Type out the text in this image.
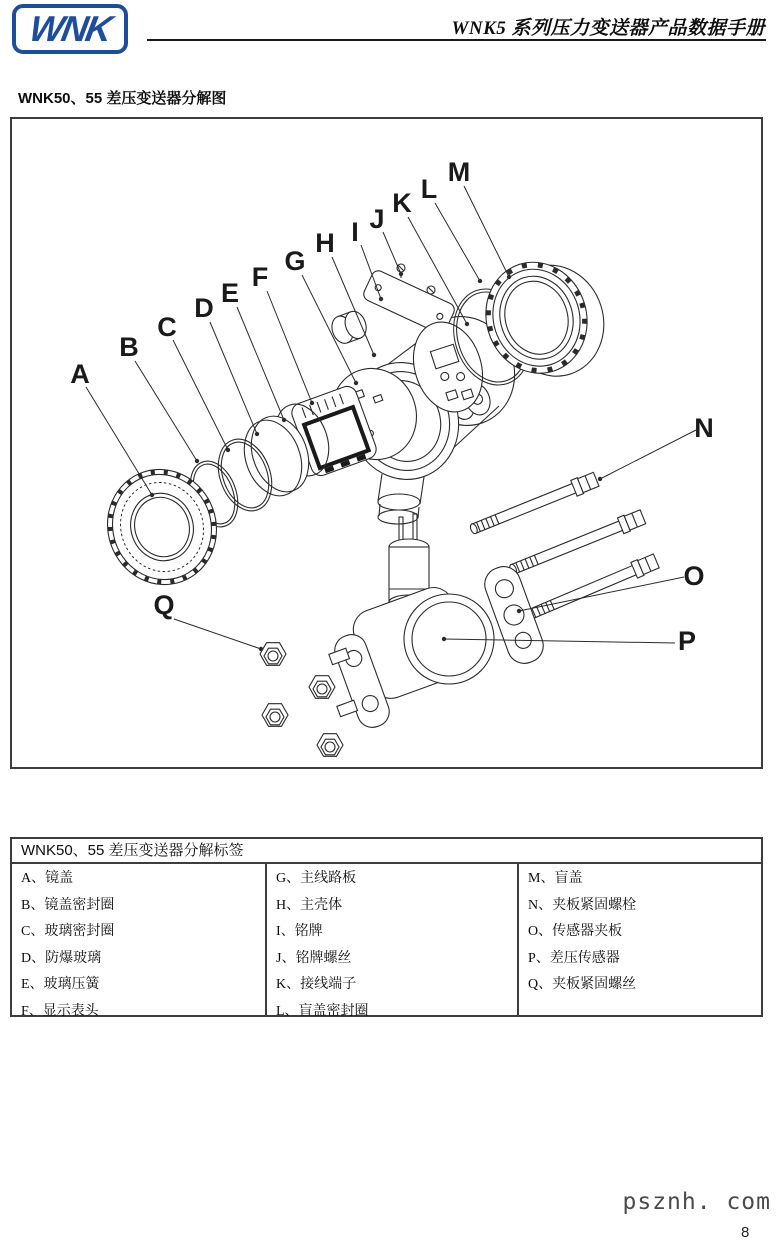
WNK	WNK5 系列压力变送器产品数据手册
WNK50、55 差压变送器分解图
A
B
C
D E
F
G
H I J
K L
M
N
O
P
Q
WNK50、55 差压变送器分解标签
A、镜盖
B、镜盖密封圈
C、玻璃密封圈
D、防爆玻璃
E、玻璃压簧
F、显示表头
G、主线路板
H、主壳体
I、铭牌
J、铭牌螺丝
K、接线端子
L、盲盖密封圈
M、盲盖
N、夹板紧固螺栓
O、传感器夹板
P、差压传感器
Q、夹板紧固螺丝
psznh. com
8
